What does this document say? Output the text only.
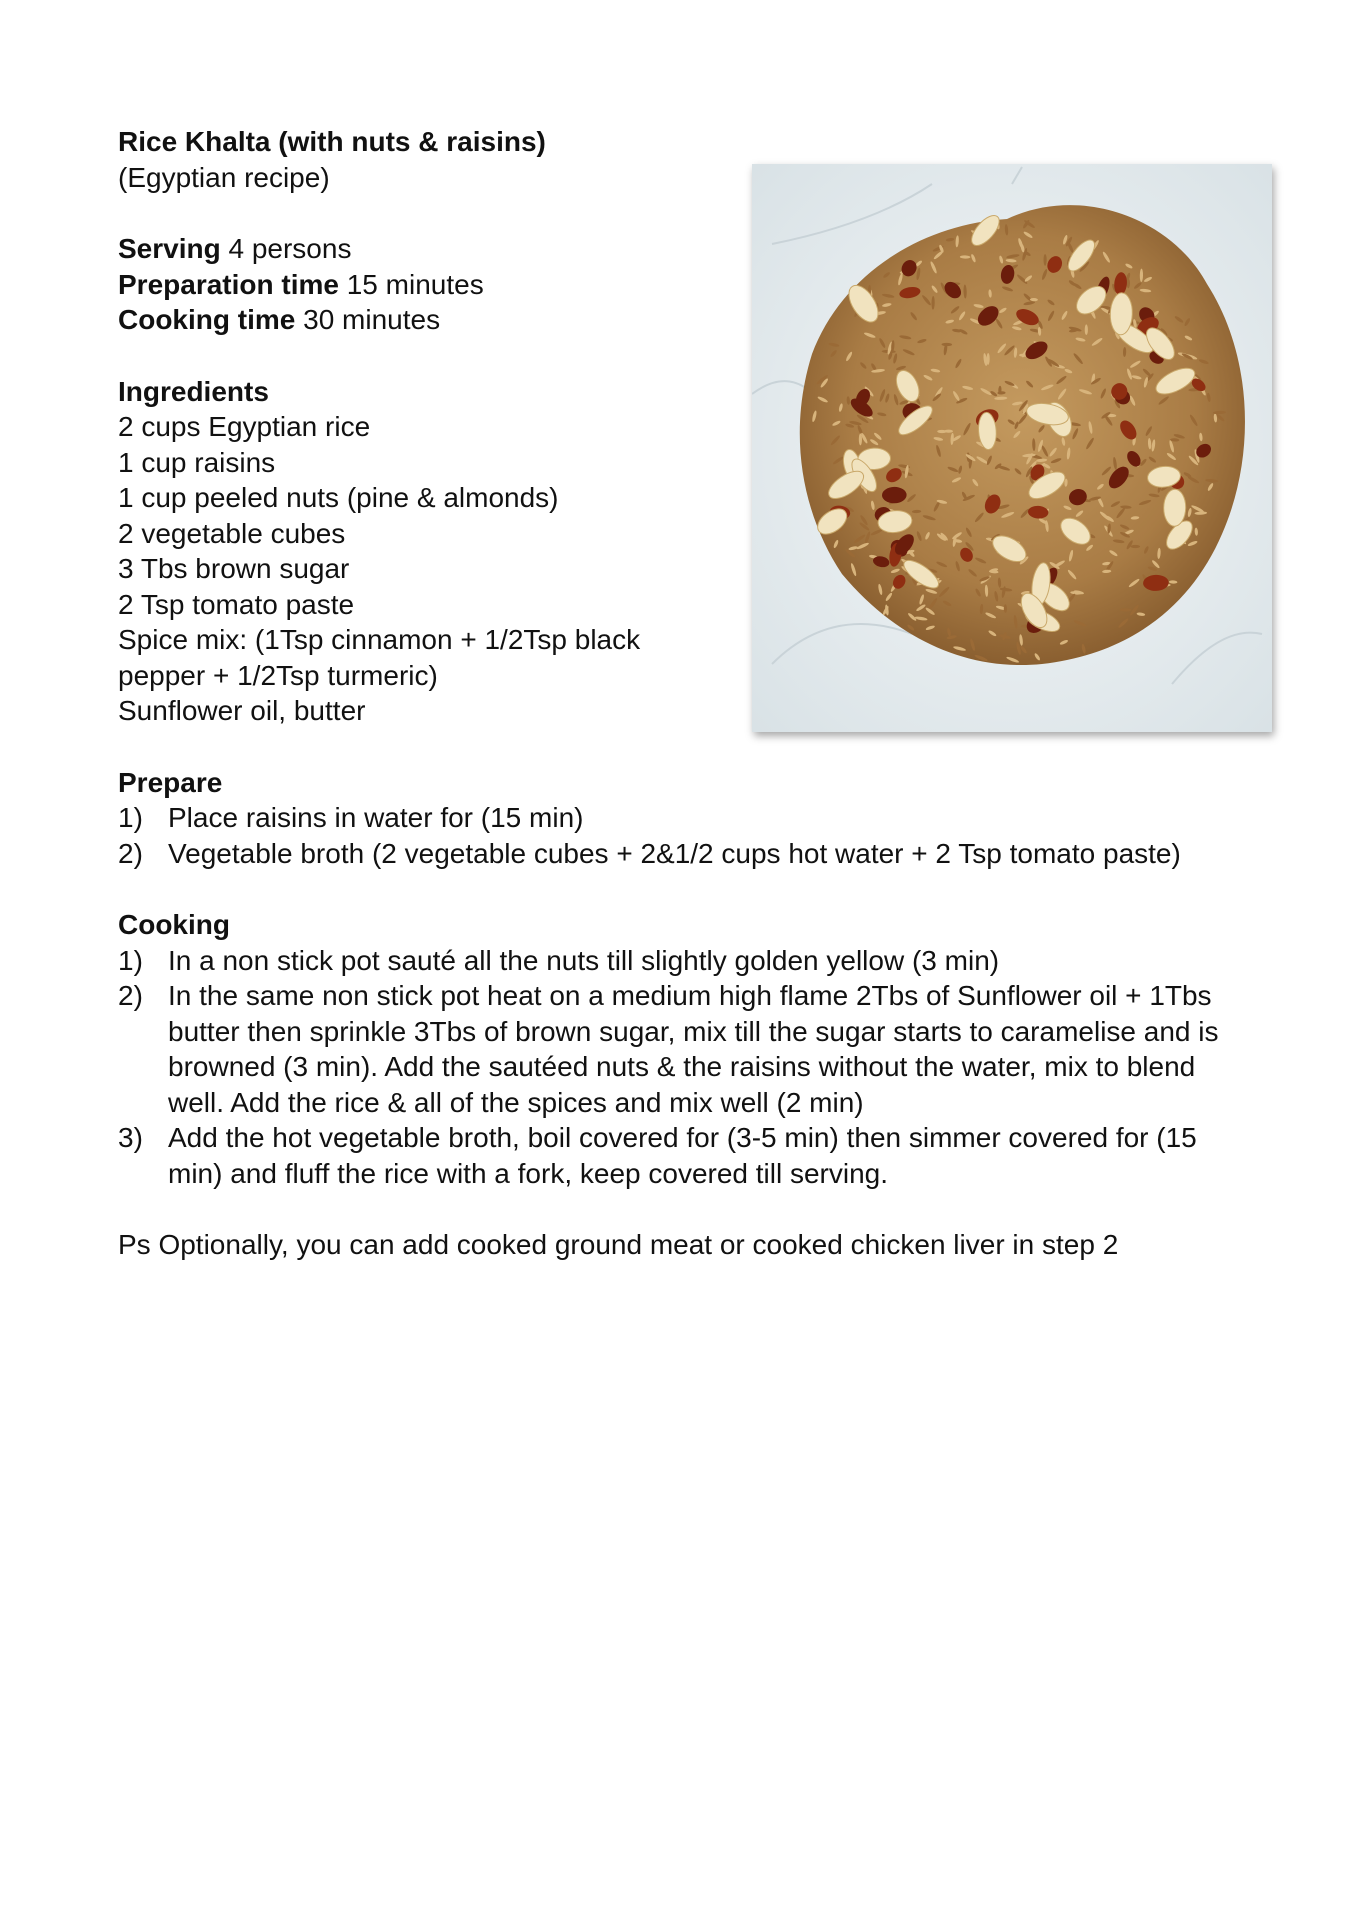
Rice Khalta (with nuts & raisins)
(Egyptian recipe)
Serving 4 persons
Preparation time 15 minutes
Cooking time 30 minutes
Ingredients
2 cups Egyptian rice
1 cup raisins
1 cup peeled nuts (pine & almonds)
2 vegetable cubes
3 Tbs brown sugar
2 Tsp tomato paste
Spice mix: (1Tsp cinnamon + 1/2Tsp black pepper + 1/2Tsp turmeric)
Sunflower oil, butter
Prepare
1) Place raisins in water for (15 min)
2) Vegetable broth (2 vegetable cubes + 2&1/2 cups hot water + 2 Tsp tomato paste)
Cooking
1) In a non stick pot sauté all the nuts till slightly golden yellow (3 min)
2) In the same non stick pot heat on a medium high flame 2Tbs of Sunflower oil + 1Tbs butter then sprinkle 3Tbs of brown sugar, mix till the sugar starts to caramelise and is browned (3 min). Add the sautéed nuts & the raisins without the water, mix to blend well. Add the rice & all of the spices and mix well (2 min)
3) Add the hot vegetable broth, boil covered for (3-5 min) then simmer covered for (15 min) and fluff the rice with a fork, keep covered till serving.
Ps Optionally, you can add cooked ground meat or cooked chicken liver in step 2
